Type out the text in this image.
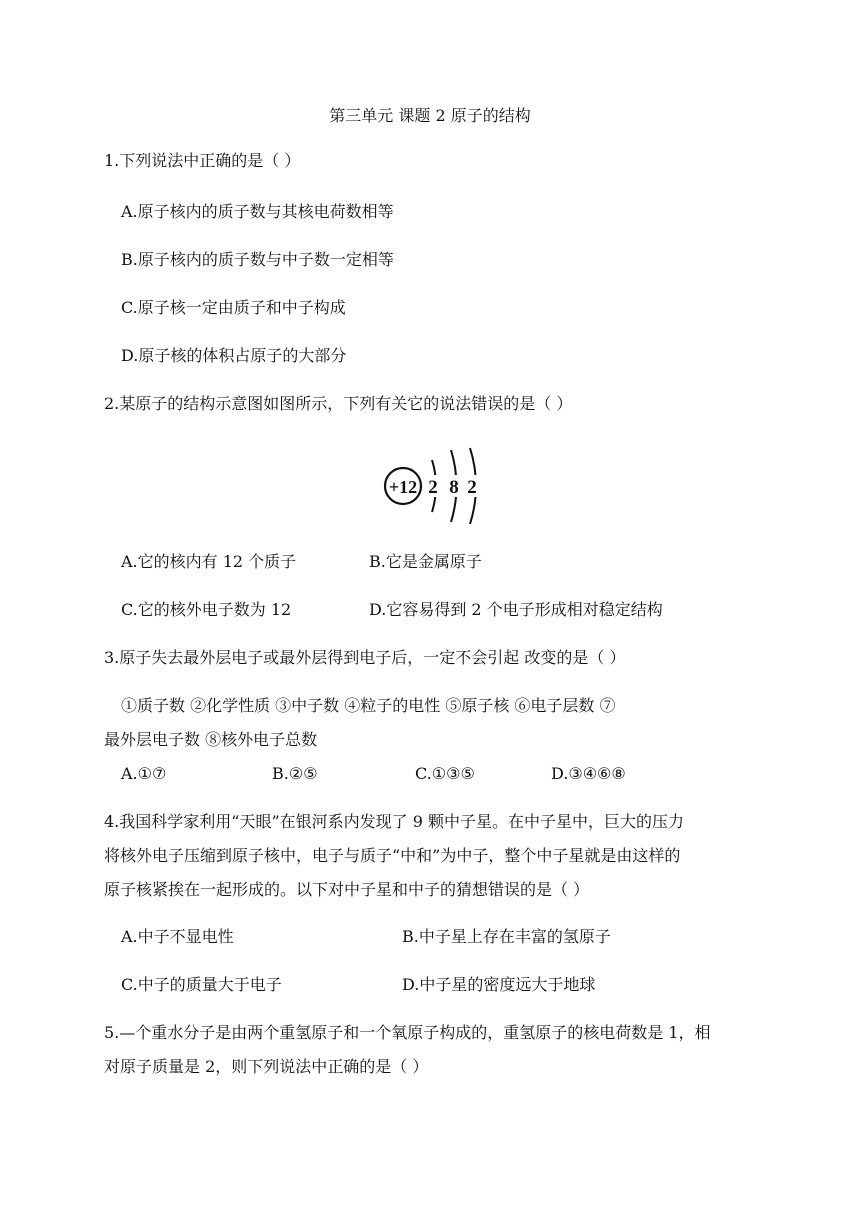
第三单元 课题 2 原子的结构
1.下列说法中正确的是（ ）
A.原子核内的质子数与其核电荷数相等
B.原子核内的质子数与中子数一定相等
C.原子核一定由质子和中子构成
D.原子核的体积占原子的大部分
2.某原子的结构示意图如图所示，下列有关它的说法错误的是（ ）
+12 2 8 2
A.它的核内有 12 个质子	B.它是金属原子
C.它的核外电子数为 12	D.它容易得到 2 个电子形成相对稳定结构
3.原子失去最外层电子或最外层得到电子后，一定不会引起 改变的是（ ）
①质子数 ②化学性质 ③中子数 ④粒子的电性 ⑤原子核 ⑥电子层数 ⑦
最外层电子数 ⑧核外电子总数
A.①⑦	B.②⑤	C.①③⑤	D.③④⑥⑧
4.我国科学家利用“天眼”在银河系内发现了 9 颗中子星。在中子星中，巨大的压力
将核外电子压缩到原子核中，电子与质子“中和”为中子，整个中子星就是由这样的
原子核紧挨在一起形成的。以下对中子星和中子的猜想错误的是（ ）
A.中子不显电性	B.中子星上存在丰富的氢原子
C.中子的质量大于电子	D.中子星的密度远大于地球
5.—个重水分子是由两个重氢原子和一个氧原子构成的，重氢原子的核电荷数是 1，相
对原子质量是 2，则下列说法中正确的是（ ）
